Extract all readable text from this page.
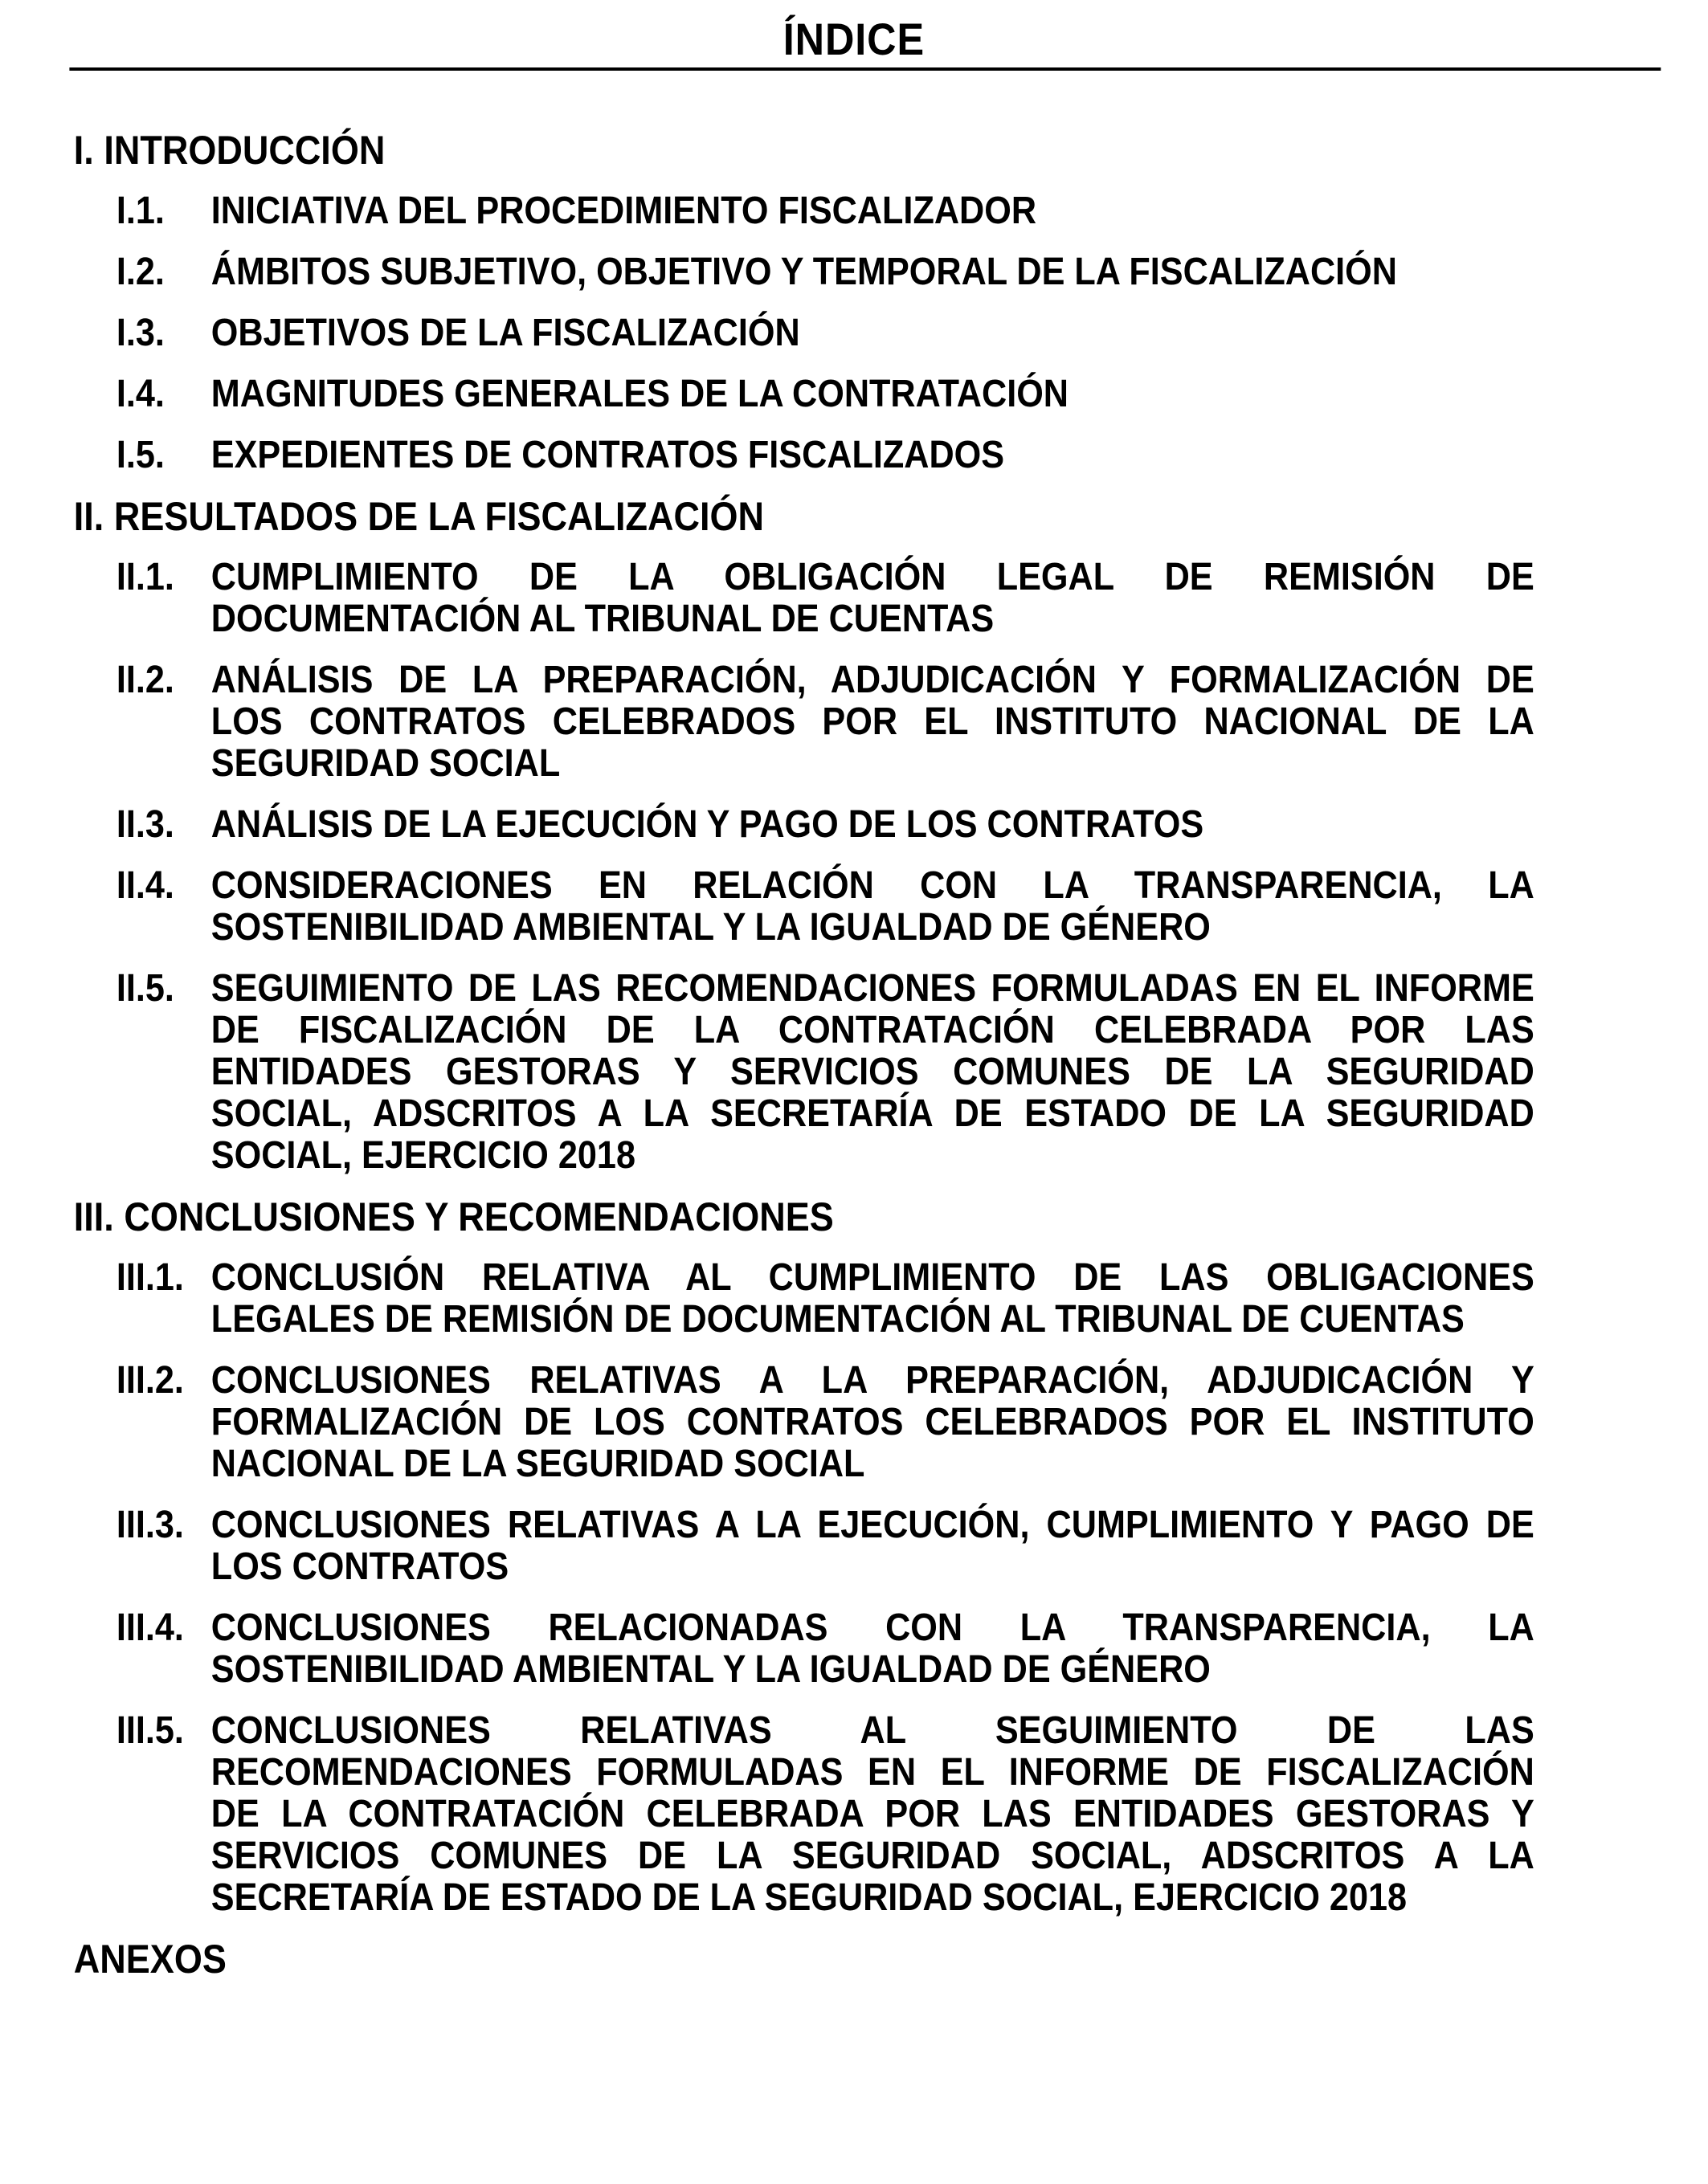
ÍNDICE
I. INTRODUCCIÓN
I.1. INICIATIVA DEL PROCEDIMIENTO FISCALIZADOR
I.2. ÁMBITOS SUBJETIVO, OBJETIVO Y TEMPORAL DE LA FISCALIZACIÓN
I.3. OBJETIVOS DE LA FISCALIZACIÓN
I.4. MAGNITUDES GENERALES DE LA CONTRATACIÓN
I.5. EXPEDIENTES DE CONTRATOS FISCALIZADOS
II. RESULTADOS DE LA FISCALIZACIÓN
II.1. CUMPLIMIENTO DE LA OBLIGACIÓN LEGAL DE REMISIÓN DE
DOCUMENTACIÓN AL TRIBUNAL DE CUENTAS
II.2. ANÁLISIS DE LA PREPARACIÓN, ADJUDICACIÓN Y FORMALIZACIÓN DE
LOS CONTRATOS CELEBRADOS POR EL INSTITUTO NACIONAL DE LA
SEGURIDAD SOCIAL
II.3. ANÁLISIS DE LA EJECUCIÓN Y PAGO DE LOS CONTRATOS
II.4. CONSIDERACIONES EN RELACIÓN CON LA TRANSPARENCIA, LA
SOSTENIBILIDAD AMBIENTAL Y LA IGUALDAD DE GÉNERO
II.5. SEGUIMIENTO DE LAS RECOMENDACIONES FORMULADAS EN EL INFORME
DE FISCALIZACIÓN DE LA CONTRATACIÓN CELEBRADA POR LAS
ENTIDADES GESTORAS Y SERVICIOS COMUNES DE LA SEGURIDAD
SOCIAL, ADSCRITOS A LA SECRETARÍA DE ESTADO DE LA SEGURIDAD
SOCIAL, EJERCICIO 2018
III. CONCLUSIONES Y RECOMENDACIONES
III.1. CONCLUSIÓN RELATIVA AL CUMPLIMIENTO DE LAS OBLIGACIONES
LEGALES DE REMISIÓN DE DOCUMENTACIÓN AL TRIBUNAL DE CUENTAS
III.2. CONCLUSIONES RELATIVAS A LA PREPARACIÓN, ADJUDICACIÓN Y
FORMALIZACIÓN DE LOS CONTRATOS CELEBRADOS POR EL INSTITUTO
NACIONAL DE LA SEGURIDAD SOCIAL
III.3. CONCLUSIONES RELATIVAS A LA EJECUCIÓN, CUMPLIMIENTO Y PAGO DE
LOS CONTRATOS
III.4. CONCLUSIONES RELACIONADAS CON LA TRANSPARENCIA, LA
SOSTENIBILIDAD AMBIENTAL Y LA IGUALDAD DE GÉNERO
III.5. CONCLUSIONES RELATIVAS AL SEGUIMIENTO DE LAS
RECOMENDACIONES FORMULADAS EN EL INFORME DE FISCALIZACIÓN
DE LA CONTRATACIÓN CELEBRADA POR LAS ENTIDADES GESTORAS Y
SERVICIOS COMUNES DE LA SEGURIDAD SOCIAL, ADSCRITOS A LA
SECRETARÍA DE ESTADO DE LA SEGURIDAD SOCIAL, EJERCICIO 2018
ANEXOS
